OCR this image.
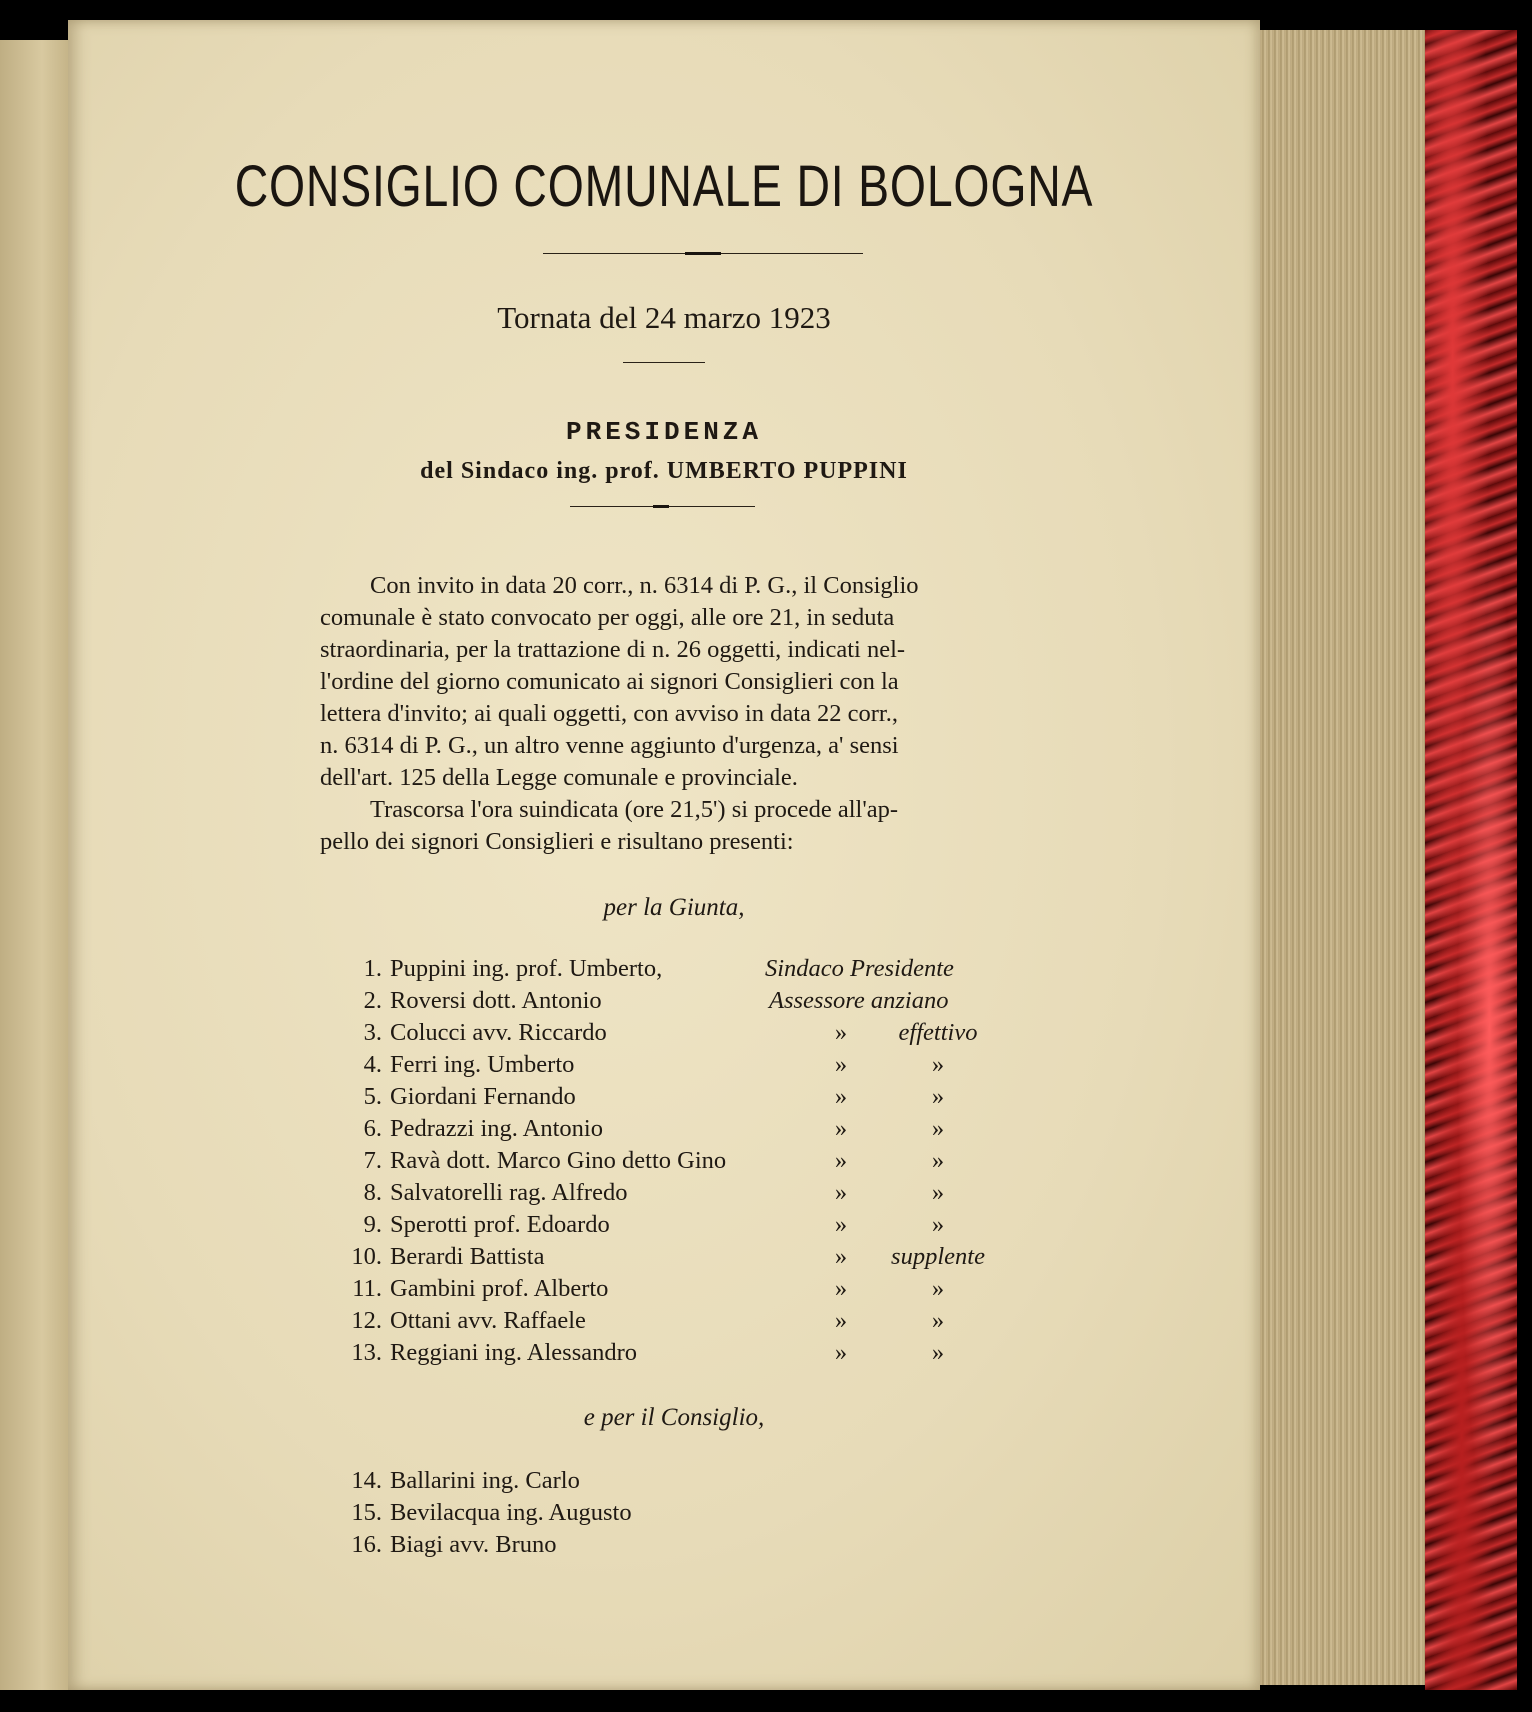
CONSIGLIO COMUNALE DI BOLOGNA
Tornata del 24 marzo 1923
PRESIDENZA
del Sindaco ing. prof. UMBERTO PUPPINI
Con invito in data 20 corr., n. 6314 di P. G., il Consiglio
comunale è stato convocato per oggi, alle ore 21, in seduta
straordinaria, per la trattazione di n. 26 oggetti, indicati nel-
l'ordine del giorno comunicato ai signori Consiglieri con la
lettera d'invito; ai quali oggetti, con avviso in data 22 corr.,
n. 6314 di P. G., un altro venne aggiunto d'urgenza, a' sensi
dell'art. 125 della Legge comunale e provinciale.
Trascorsa l'ora suindicata (ore 21,5') si procede all'ap-
pello dei signori Consiglieri e risultano presenti:
per la Giunta,
1. Puppini ing. prof. Umberto,	Sindaco Presidente
2. Roversi dott. Antonio	Assessore anziano
3. Colucci avv. Riccardo	»	effettivo
4. Ferri ing. Umberto	»	»
5. Giordani Fernando	»	»
6. Pedrazzi ing. Antonio	»	»
7. Ravà dott. Marco Gino detto Gino	»	»
8. Salvatorelli rag. Alfredo	»	»
9. Sperotti prof. Edoardo	»	»
10. Berardi Battista	»	supplente
11. Gambini prof. Alberto	»	»
12. Ottani avv. Raffaele	»	»
13. Reggiani ing. Alessandro	»	»
e per il Consiglio,
14. Ballarini ing. Carlo
15. Bevilacqua ing. Augusto
16. Biagi avv. Bruno
